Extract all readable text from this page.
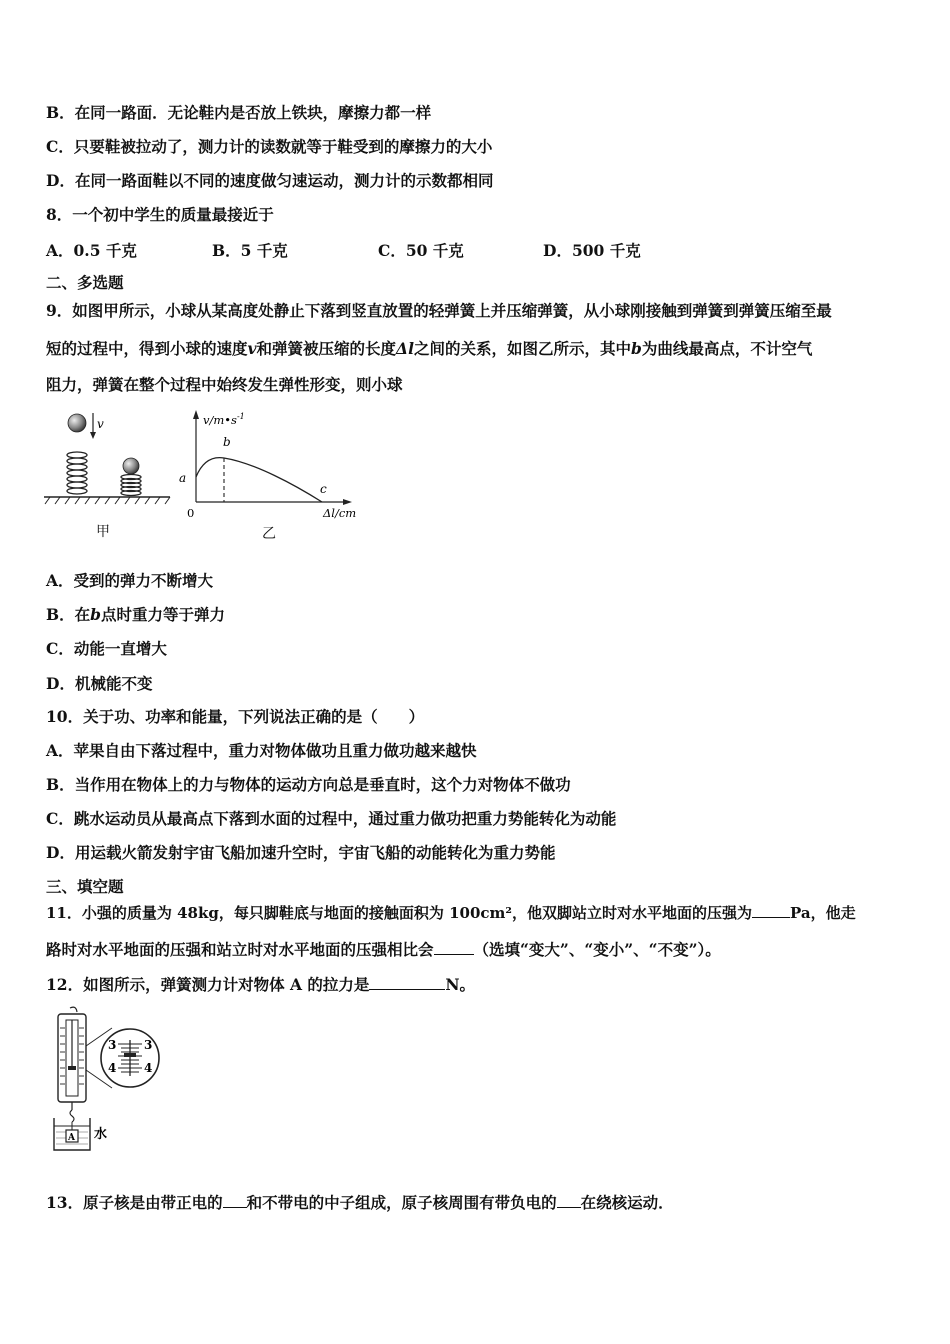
B．在同一路面．无论鞋内是否放上铁块，摩擦力都一样
C．只要鞋被拉动了，测力计的读数就等于鞋受到的摩擦力的大小
D．在同一路面鞋以不同的速度做匀速运动，测力计的示数都相同
8．一个初中学生的质量最接近于
A．0.5 千克	B．5 千克	C．50 千克	D．500 千克
二、多选题
9．如图甲所示，小球从某高度处静止下落到竖直放置的轻弹簧上并压缩弹簧，从小球刚接触到弹簧到弹簧压缩至最
短的过程中，得到小球的速度v和弹簧被压缩的长度Δl之间的关系，如图乙所示，其中b为曲线最高点，不计空气
阻力，弹簧在整个过程中始终发生弹性形变，则小球
v
甲
$v/m•s^{-1}$
b
a
c
0	Δl/cm
乙
A．受到的弹力不断增大
B．在b点时重力等于弹力
C．动能一直增大
D．机械能不变
10．关于功、功率和能量，下列说法正确的是（　　）
A．苹果自由下落过程中，重力对物体做功且重力做功越来越快
B．当作用在物体上的力与物体的运动方向总是垂直时，这个力对物体不做功
C．跳水运动员从最高点下落到水面的过程中，通过重力做功把重力势能转化为动能
D．用运载火箭发射宇宙飞船加速升空时，宇宙飞船的动能转化为重力势能
三、填空题
11．小强的质量为 48kg，每只脚鞋底与地面的接触面积为 100cm²，他双脚站立时对水平地面的压强为	Pa，他走
路时对水平地面的压强和站立时对水平地面的压强相比会	（选填“变大”、“变小”、“不变”）。
12．如图所示，弹簧测力计对物体 A 的拉力是	N。
3 3
4 4
A 水
13．原子核是由带正电的 和不带电的中子组成，原子核周围有带负电的 在绕核运动．
